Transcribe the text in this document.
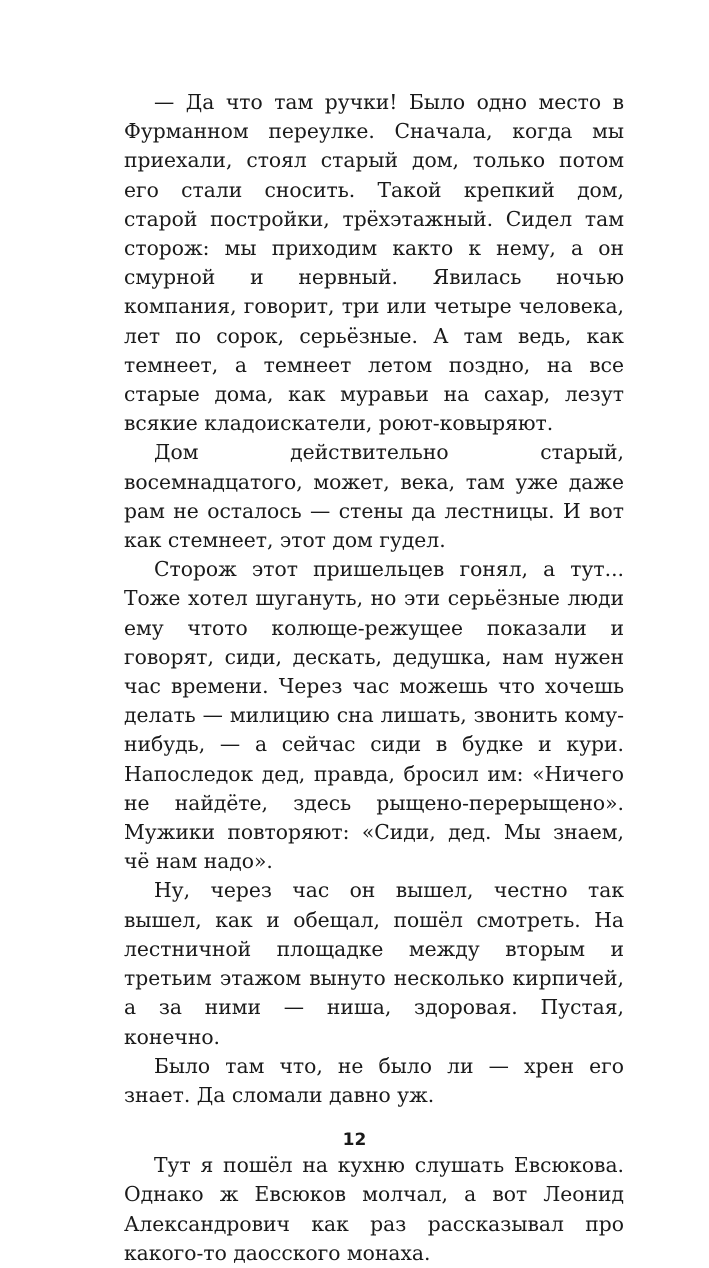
— Да что там ручки! Было одно место в Фурманном переулке. Сначала, когда мы приехали, стоял старый дом, только потом его стали сносить. Такой крепкий дом, старой постройки, трёхэтажный. Сидел там сторож: мы приходим както к нему, а он смурной и нервный. Явилась ночью компания, говорит, три или четыре человека, лет по сорок, серьёзные. А там ведь, как темнеет, а темнеет летом поздно, на все старые дома, как муравьи на сахар, лезут всякие кладоискатели, роют-ковыряют.

Дом действительно старый, восемнадцатого, может, века, там уже даже рам не осталось — стены да лестницы. И вот как стемнеет, этот дом гудел.

Сторож этот пришельцев гонял, а тут... Тоже хотел шугануть, но эти серьёзные люди ему чтото колюще-режущее показали и говорят, сиди, дескать, дедушка, нам нужен час времени. Через час можешь что хочешь делать — милицию сна лишать, звонить кому-нибудь, — а сейчас сиди в будке и кури. Напоследок дед, правда, бросил им: «Ничего не найдёте, здесь рыщено-перерыщено». Мужики повторяют: «Сиди, дед. Мы знаем, чё нам надо».

Ну, через час он вышел, честно так вышел, как и обещал, пошёл смотреть. На лестничной площадке между вторым и третьим этажом вынуто несколько кирпичей, а за ними — ниша, здоровая. Пустая, конечно.

Было там что, не было ли — хрен его знает. Да сломали давно уж.

Тут я пошёл на кухню слушать Евсюкова. Однако ж Евсюков молчал, а вот Леонид Александрович как раз рассказывал про какого-то даосского монаха.

12
